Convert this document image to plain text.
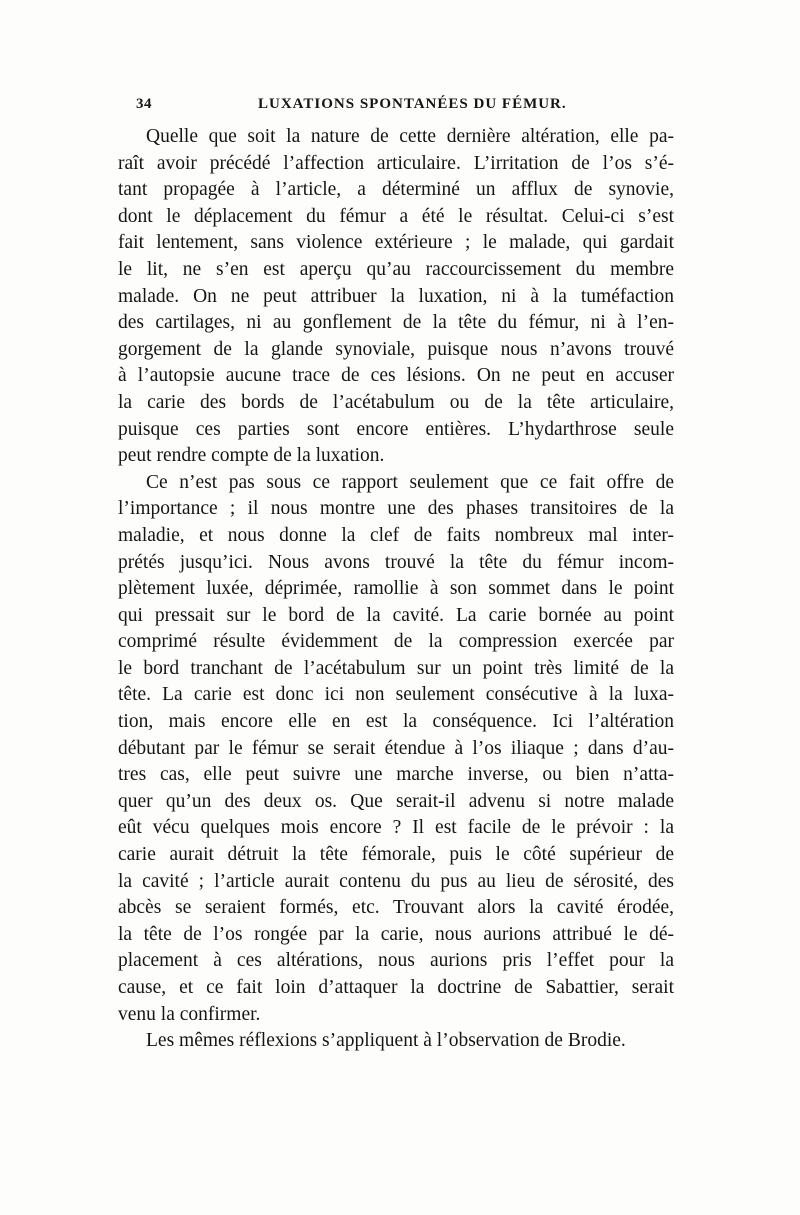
34	LUXATIONS SPONTANÉES DU FÉMUR.
Quelle que soit la nature de cette dernière altération, elle pa-
raît avoir précédé l’affection articulaire. L’irritation de l’os s’é-
tant propagée à l’article, a déterminé un afflux de synovie,
dont le déplacement du fémur a été le résultat. Celui-ci s’est
fait lentement, sans violence extérieure ; le malade, qui gardait
le lit, ne s’en est aperçu qu’au raccourcissement du membre
malade. On ne peut attribuer la luxation, ni à la tuméfaction
des cartilages, ni au gonflement de la tête du fémur, ni à l’en-
gorgement de la glande synoviale, puisque nous n’avons trouvé
à l’autopsie aucune trace de ces lésions. On ne peut en accuser
la carie des bords de l’acétabulum ou de la tête articulaire,
puisque ces parties sont encore entières. L’hydarthrose seule
peut rendre compte de la luxation.
Ce n’est pas sous ce rapport seulement que ce fait offre de
l’importance ; il nous montre une des phases transitoires de la
maladie, et nous donne la clef de faits nombreux mal inter-
prétés jusqu’ici. Nous avons trouvé la tête du fémur incom-
plètement luxée, déprimée, ramollie à son sommet dans le point
qui pressait sur le bord de la cavité. La carie bornée au point
comprimé résulte évidemment de la compression exercée par
le bord tranchant de l’acétabulum sur un point très limité de la
tête. La carie est donc ici non seulement consécutive à la luxa-
tion, mais encore elle en est la conséquence. Ici l’altération
débutant par le fémur se serait étendue à l’os iliaque ; dans d’au-
tres cas, elle peut suivre une marche inverse, ou bien n’atta-
quer qu’un des deux os. Que serait-il advenu si notre malade
eût vécu quelques mois encore ? Il est facile de le prévoir : la
carie aurait détruit la tête fémorale, puis le côté supérieur de
la cavité ; l’article aurait contenu du pus au lieu de sérosité, des
abcès se seraient formés, etc. Trouvant alors la cavité érodée,
la tête de l’os rongée par la carie, nous aurions attribué le dé-
placement à ces altérations, nous aurions pris l’effet pour la
cause, et ce fait loin d’attaquer la doctrine de Sabattier, serait
venu la confirmer.
Les mêmes réflexions s’appliquent à l’observation de Brodie.
